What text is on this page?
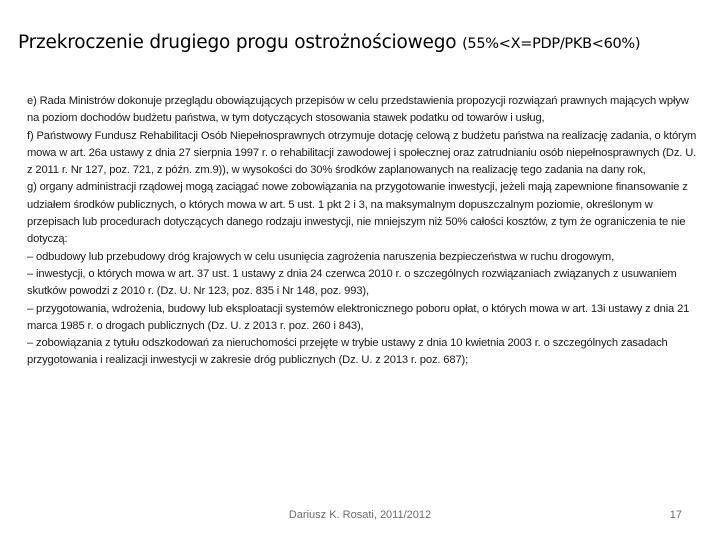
Przekroczenie drugiego progu ostrożnościowego (55%<X=PDP/PKB<60%)

e) Rada Ministrów dokonuje przeglądu obowiązujących przepisów w celu przedstawienia propozycji rozwiązań prawnych mających wpływ na poziom dochodów budżetu państwa, w tym dotyczących stosowania stawek podatku od towarów i usług,

f) Państwowy Fundusz Rehabilitacji Osób Niepełnosprawnych otrzymuje dotację celową z budżetu państwa na realizację zadania, o którym mowa w art. 26a ustawy z dnia 27 sierpnia 1997 r. o rehabilitacji zawodowej i społecznej oraz zatrudnianiu osób niepełnosprawnych (Dz. U. z 2011 r. Nr 127, poz. 721, z późn. zm.9)), w wysokości do 30% środków zaplanowanych na realizację tego zadania na dany rok,

g) organy administracji rządowej mogą zaciągać nowe zobowiązania na przygotowanie inwestycji, jeżeli mają zapewnione finansowanie z udziałem środków publicznych, o których mowa w art. 5 ust. 1 pkt 2 i 3, na maksymalnym dopuszczalnym poziomie, określonym w przepisach lub procedurach dotyczących danego rodzaju inwestycji, nie mniejszym niż 50% całości kosztów, z tym że ograniczenia te nie dotyczą:

– odbudowy lub przebudowy dróg krajowych w celu usunięcia zagrożenia naruszenia bezpieczeństwa w ruchu drogowym,

– inwestycji, o których mowa w art. 37 ust. 1 ustawy z dnia 24 czerwca 2010 r. o szczególnych rozwiązaniach związanych z usuwaniem skutków powodzi z 2010 r. (Dz. U. Nr 123, poz. 835 i Nr 148, poz. 993),

– przygotowania, wdrożenia, budowy lub eksploatacji systemów elektronicznego poboru opłat, o których mowa w art. 13i ustawy z dnia 21 marca 1985 r. o drogach publicznych (Dz. U. z 2013 r. poz. 260 i 843),

– zobowiązania z tytułu odszkodowań za nieruchomości przejęte w trybie ustawy z dnia 10 kwietnia 2003 r. o szczególnych zasadach przygotowania i realizacji inwestycji w zakresie dróg publicznych (Dz. U. z 2013 r. poz. 687);

Dariusz K. Rosati, 2011/2012	17
